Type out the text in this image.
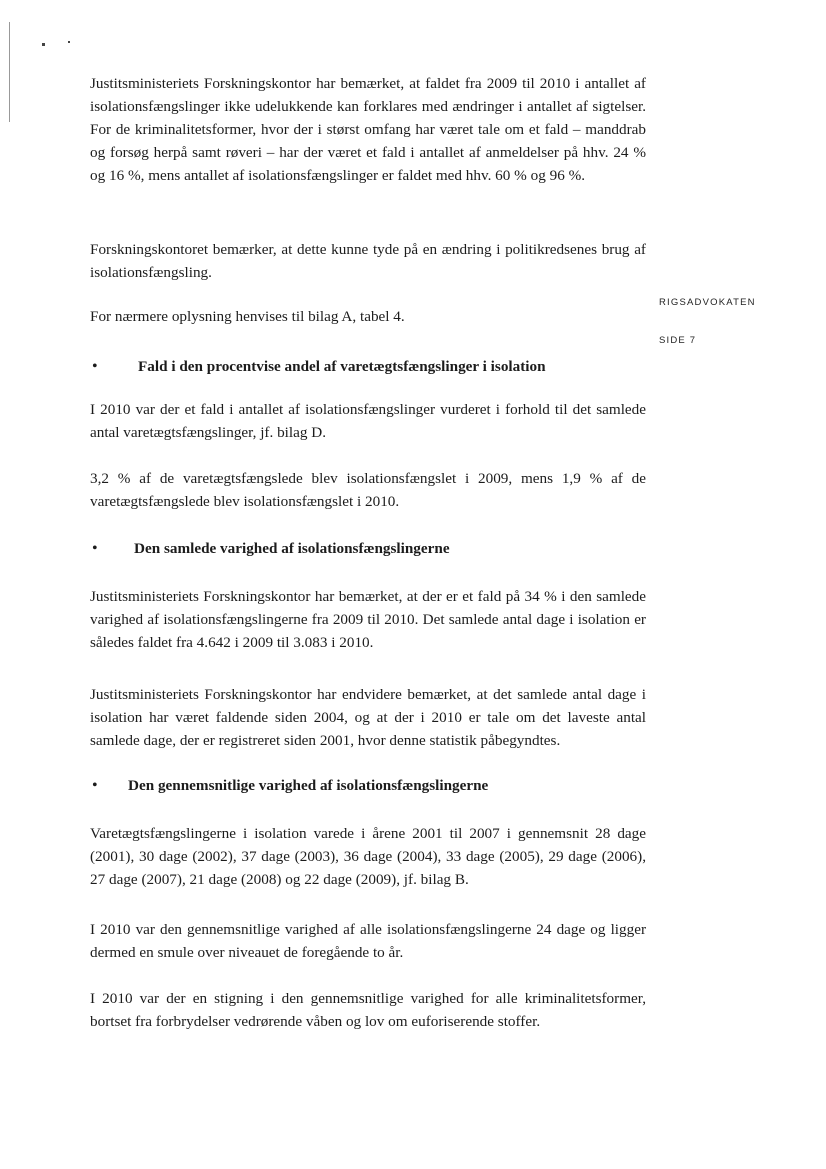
RIGSADVOKATEN
SIDE 7

Justitsministeriets Forskningskontor har bemærket, at faldet fra 2009 til 2010 i antallet af isolationsfængslinger ikke udelukkende kan forklares med ændringer i antallet af sigtelser. For de kriminalitetsformer, hvor der i størst omfang har været tale om et fald – manddrab og forsøg herpå samt røveri – har der været et fald i antallet af anmeldelser på hhv. 24 % og 16 %, mens antallet af isolationsfængslinger er faldet med hhv. 60 % og 96 %.

Forskningskontoret bemærker, at dette kunne tyde på en ændring i politikredsenes brug af isolationsfængsling.

For nærmere oplysning henvises til bilag A, tabel 4.

•	Fald i den procentvise andel af varetægtsfængslinger i isolation

I 2010 var der et fald i antallet af isolationsfængslinger vurderet i forhold til det samlede antal varetægtsfængslinger, jf. bilag D.

3,2 % af de varetægtsfængslede blev isolationsfængslet i 2009, mens 1,9 % af de varetægtsfængslede blev isolationsfængslet i 2010.

• Den samlede varighed af isolationsfængslingerne

Justitsministeriets Forskningskontor har bemærket, at der er et fald på 34 % i den samlede varighed af isolationsfængslingerne fra 2009 til 2010. Det samlede antal dage i isolation er således faldet fra 4.642 i 2009 til 3.083 i 2010.

Justitsministeriets Forskningskontor har endvidere bemærket, at det samlede antal dage i isolation har været faldende siden 2004, og at der i 2010 er tale om det laveste antal samlede dage, der er registreret siden 2001, hvor denne statistik påbegyndtes.

• Den gennemsnitlige varighed af isolationsfængslingerne

Varetægtsfængslingerne i isolation varede i årene 2001 til 2007 i gennemsnit 28 dage (2001), 30 dage (2002), 37 dage (2003), 36 dage (2004), 33 dage (2005), 29 dage (2006), 27 dage (2007), 21 dage (2008) og 22 dage (2009), jf. bilag B.

I 2010 var den gennemsnitlige varighed af alle isolationsfængslingerne 24 dage og ligger dermed en smule over niveauet de foregående to år.

I 2010 var der en stigning i den gennemsnitlige varighed for alle kriminalitetsformer, bortset fra forbrydelser vedrørende våben og lov om euforiserende stoffer.
